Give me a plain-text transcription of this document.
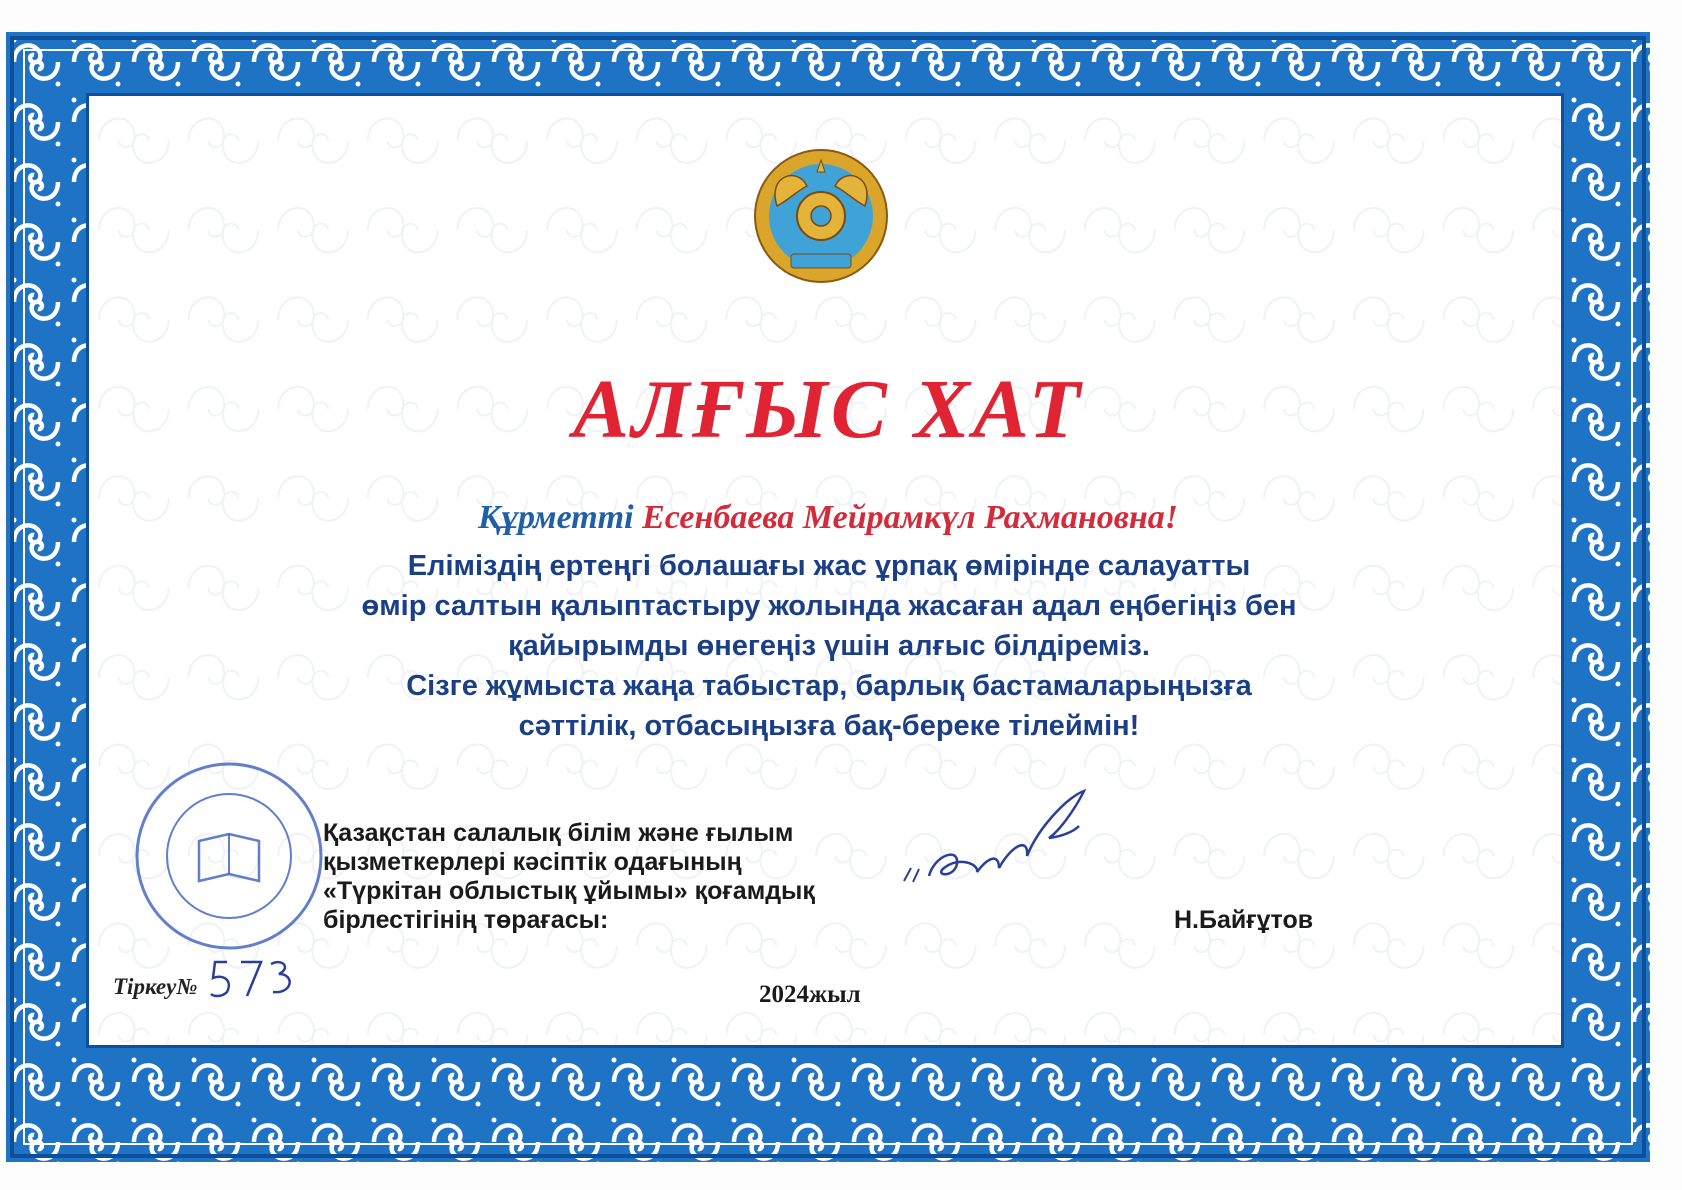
АЛҒЫС ХАТ
Құрметті Есенбаева Мейрамкүл Рахмановна!
Еліміздің ертеңгі болашағы жас ұрпақ өмірінде салауатты
өмір салтын қалыптастыру жолында жасаған адал еңбегіңіз бен
қайырымды өнегеңіз үшін алғыс білдіреміз.
Сізге жұмыста жаңа табыстар, барлық бастамаларыңызға
сәттілік, отбасыңызға бақ-береке тілеймін!
Қазақстан салалық білім және ғылым
қызметкерлері кәсіптік одағының
«Түркітан облыстық ұйымы» қоғамдық
бірлестігінің төрағасы:	Н.Байғұтов
Тіркеу№	2024жыл
